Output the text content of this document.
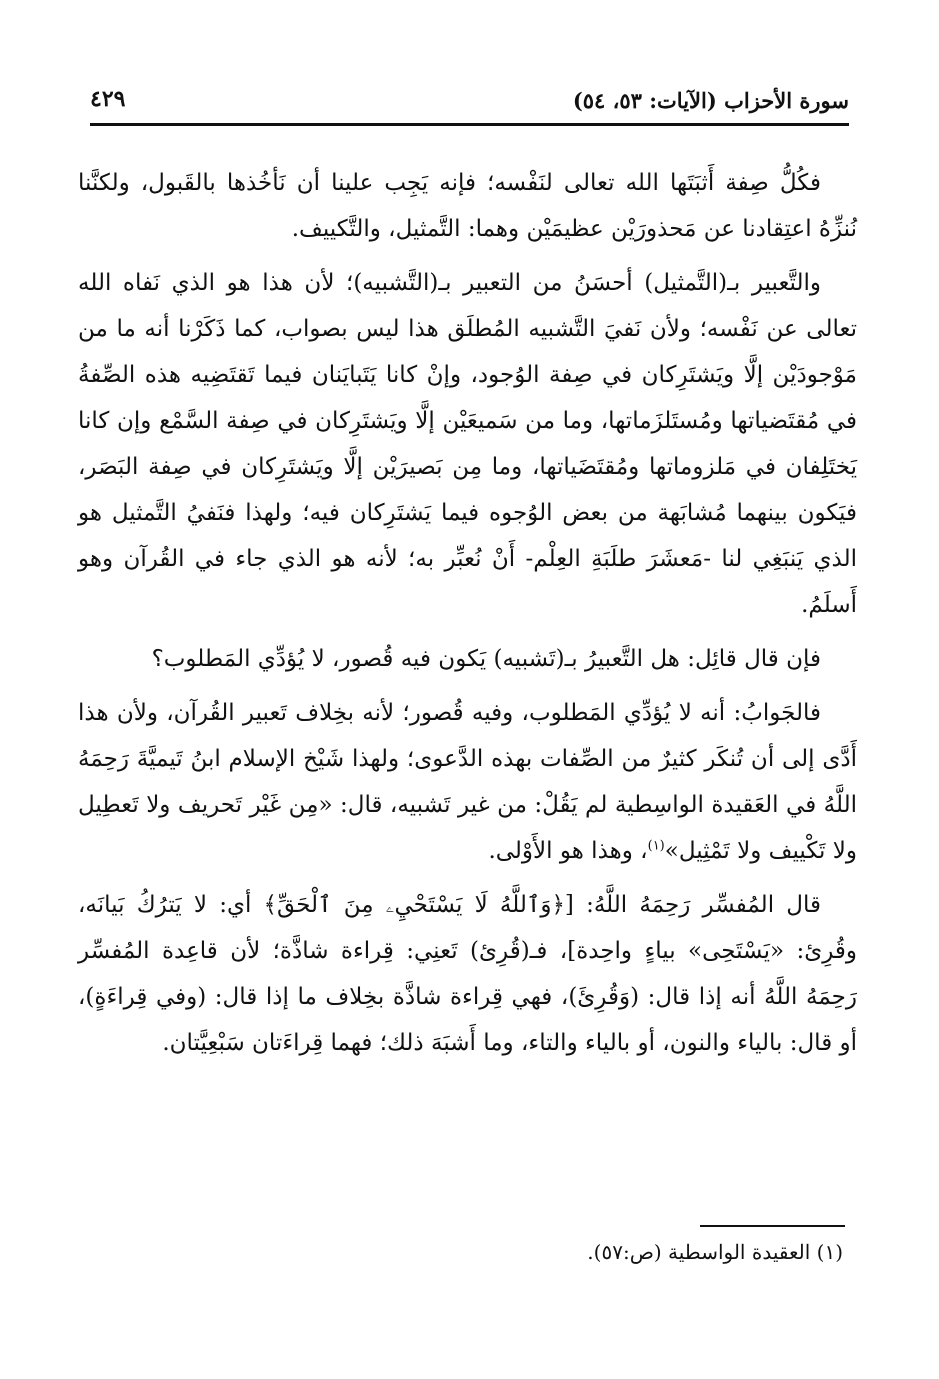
سورة الأحزاب (الآيات: ٥٣، ٥٤)
٤٢٩

فكُلُّ صِفة أَثبَتَها الله تعالى لنَفْسه؛ فإنه يَجِب علينا أن نَأخُذها بالقَبول، ولكنَّنا نُنزِّهُ اعتِقادنا عن مَحذورَيْن عظيمَيْن وهما: التَّمثيل، والتَّكييف.

والتَّعبير بـ(التَّمثيل) أحسَنُ من التعبير بـ(التَّشبيه)؛ لأن هذا هو الذي نَفاه الله تعالى عن نَفْسه؛ ولأن نَفيَ التَّشبيه المُطلَق هذا ليس بصواب، كما ذَكَرْنا أنه ما من مَوْجودَيْن إلَّا ويَشتَرِكان في صِفة الوُجود، وإنْ كانا يَتَبايَنان فيما تَقتَضِيه هذه الصِّفةُ في مُقتَضياتها ومُستَلزَماتها، وما من سَميعَيْن إلَّا ويَشتَرِكان في صِفة السَّمْع وإن كانا يَختَلِفان في مَلزوماتها ومُقتَضَياتها، وما مِن بَصيرَيْن إلَّا ويَشتَرِكان في صِفة البَصَر، فيَكون بينهما مُشابَهة من بعض الوُجوه فيما يَشتَرِكان فيه؛ ولهذا فنَفيُ التَّمثيل هو الذي يَنبَغِي لنا -مَعشَرَ طلَبَةِ العِلْم- أَنْ نُعبِّر به؛ لأنه هو الذي جاء في القُرآن وهو أَسلَمُ.

فإن قال قائِل: هل التَّعبيرُ بـ(تَشبيه) يَكون فيه قُصور، لا يُؤدِّي المَطلوب؟

فالجَوابُ: أنه لا يُؤدِّي المَطلوب، وفيه قُصور؛ لأنه بخِلاف تَعبير القُرآن، ولأن هذا أَدَّى إلى أن تُنكَر كثيرٌ من الصِّفات بهذه الدَّعوى؛ ولهذا شَيْخ الإسلام ابنُ تَيميَّةَ رَحِمَهُ اللَّهُ في العَقيدة الواسِطية لم يَقُلْ: من غير تَشبيه، قال: «مِن غَيْر تَحريف ولا تَعطِيل ولا تَكْييف ولا تَمْثِيل»$^{(١)}$، وهذا هو الأَوْلى.

قال المُفسِّر رَحِمَهُ اللَّهُ: [﴿وَٱللَّهُ لَا يَسْتَحْيِۦ مِنَ ٱلْحَقِّ﴾ أي: لا يَترُكُ بَيانَه، وقُرِئ: «يَسْتَحِى» بياءٍ واحِدة]، فـ(قُرِئ) تَعنِي: قِراءة شاذَّة؛ لأن قاعِدة المُفسِّر رَحِمَهُ اللَّهُ أنه إذا قال: (وَقُرِئَ)، فهي قِراءة شاذَّة بخِلاف ما إذا قال: (وفي قِراءَةٍ)، أو قال: بالياء والنون، أو بالياء والتاء، وما أَشبَهَ ذلك؛ فهما قِراءَتان سَبْعِيَّتان.

(١) العقيدة الواسطية (ص:٥٧).
